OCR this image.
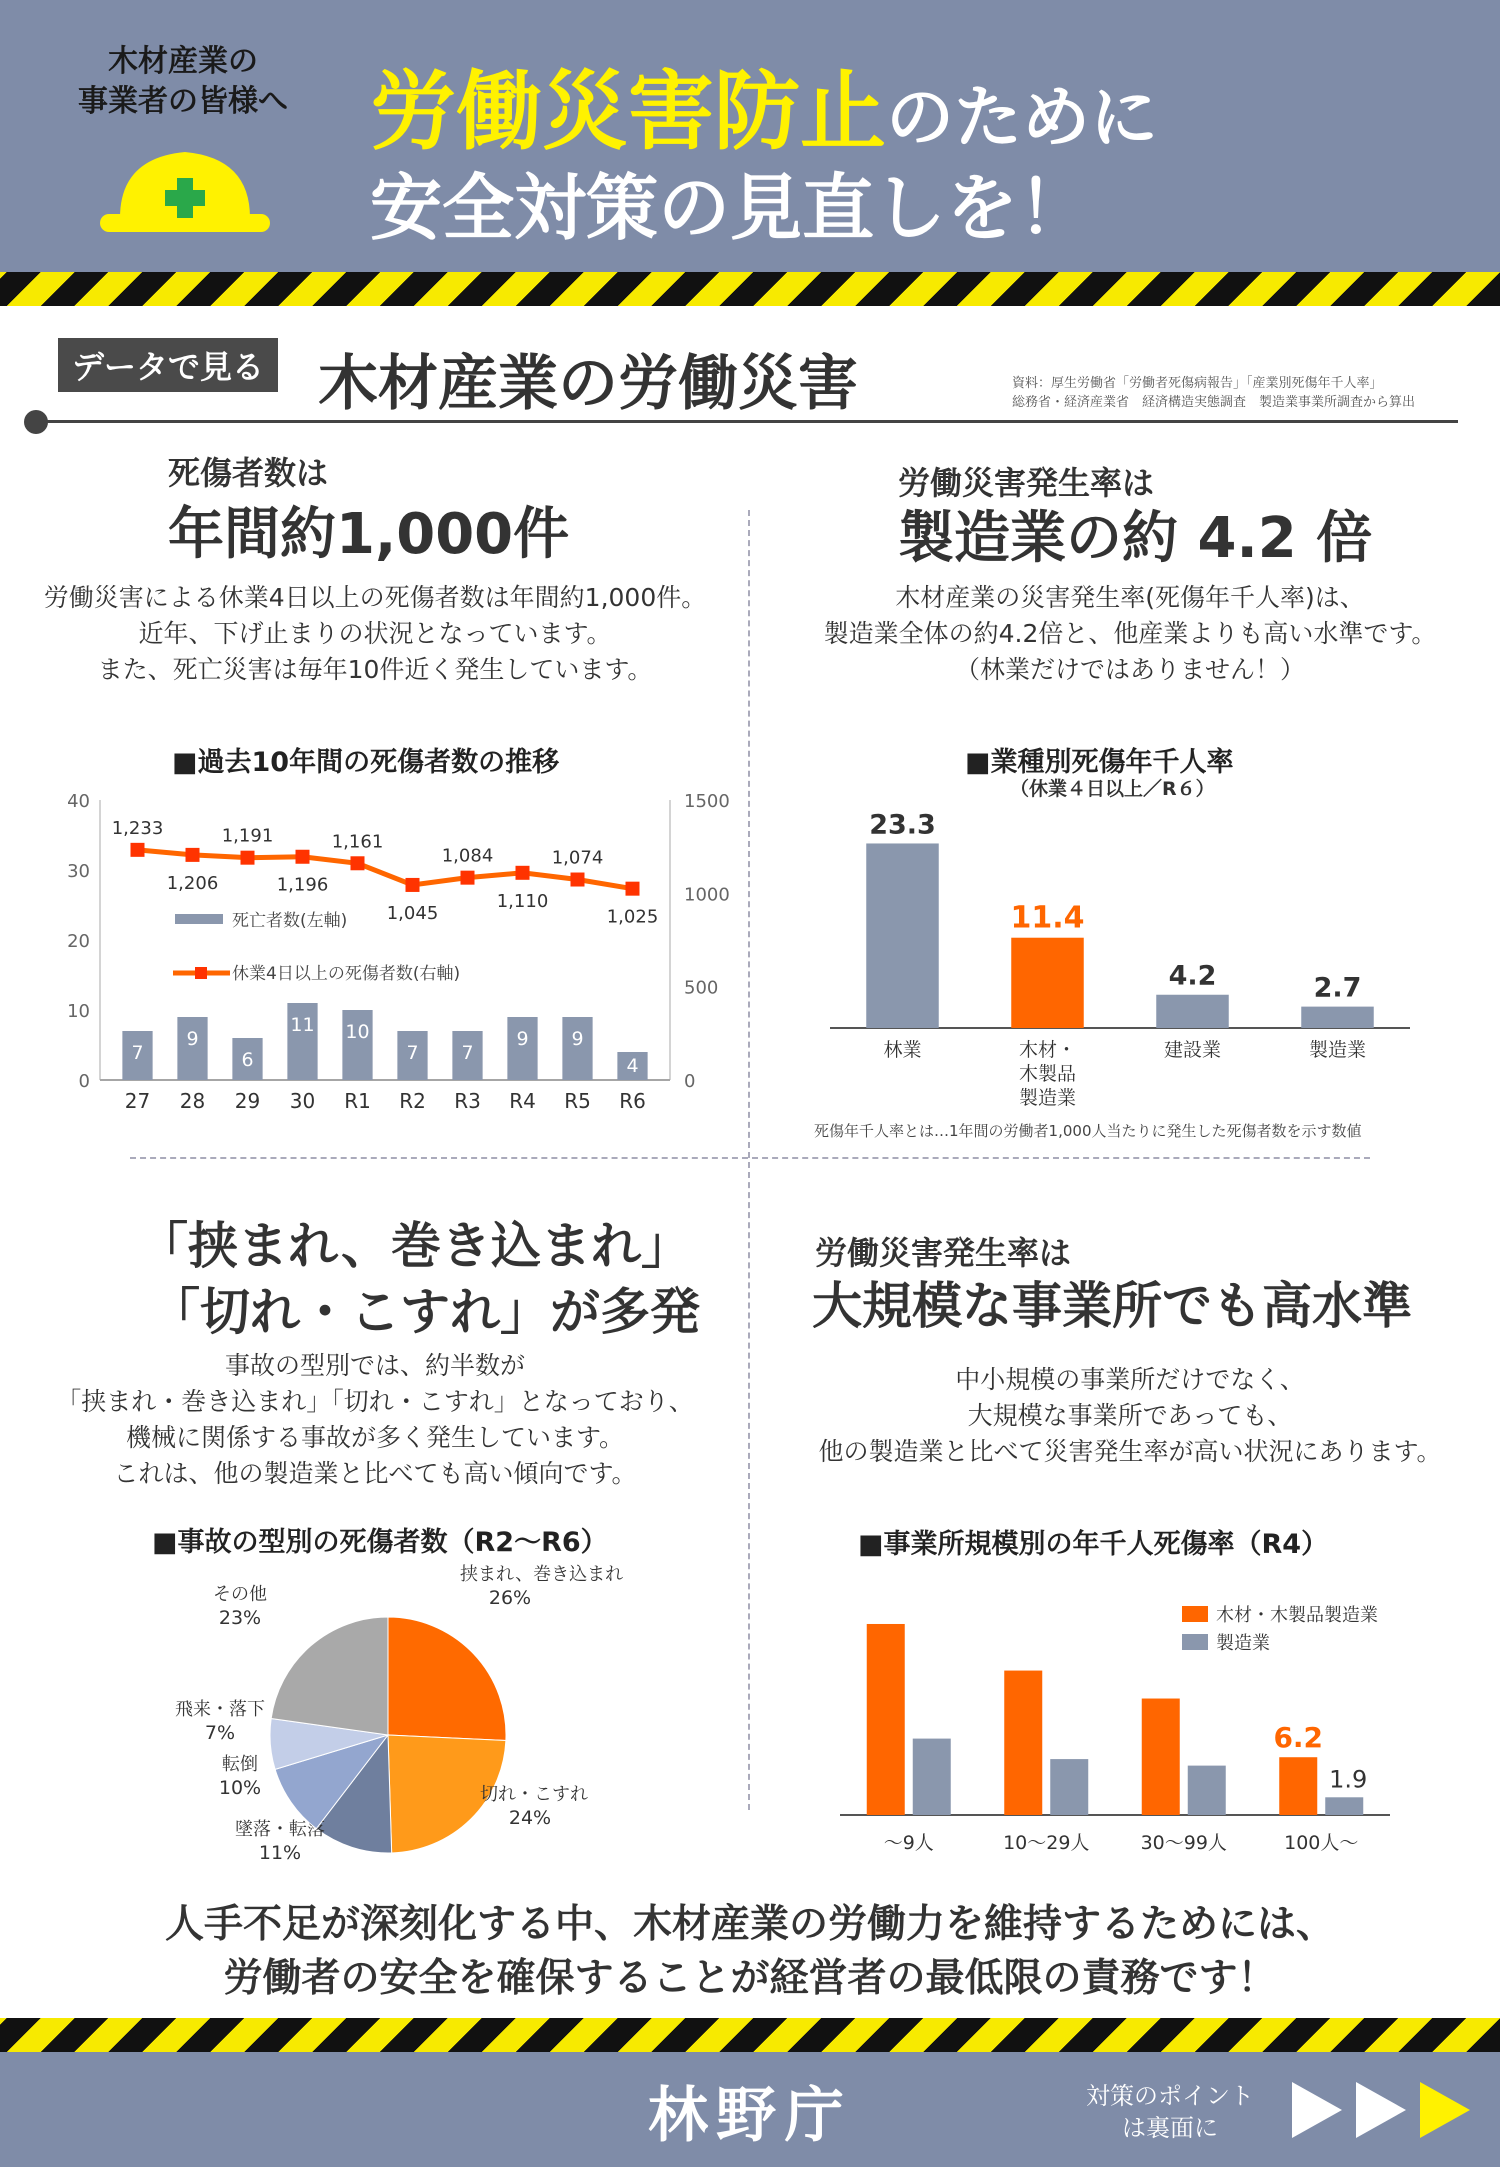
木材産業の
事業者の皆様へ 労働災害防止のために
安全対策の見直しを！
データで見る 木材産業の労働災害	資料：厚生労働省「労働者死傷病報告」「産業別死傷年千人率」
総務省・経済産業省　経済構造実態調査　製造業事業所調査から算出
死傷者数は
年間約1,000件
労働災害による休業4日以上の死傷者数は年間約1,000件。
近年、下げ止まりの状況となっています。
また、死亡災害は毎年10件近く発生しています。
■過去10年間の死傷者数の推移
0
10
20
30
40
0
500
1000
1500
7
27
9
28
6
29
11
30
10
R1
7
R2
7
R3
9
R4
9
R5
4
R6
1,233
1,206
1,191
1,196
1,161
1,045
1,084
1,110
1,074
1,025
死亡者数(左軸)
休業4日以上の死傷者数(右軸)
労働災害発生率は
製造業の約 4.2 倍
木材産業の災害発生率(死傷年千人率)は、
製造業全体の約4.2倍と、他産業よりも高い水準です。
（林業だけではありません！）
■業種別死傷年千人率
（休業４日以上／R６）
23.3
林業
11.4
木材・
木製品
製造業
4.2
建設業
2.7
製造業
死傷年千人率とは…1年間の労働者1,000人当たりに発生した死傷者数を示す数値
「挟まれ、巻き込まれ」
「切れ・こすれ」が多発
事故の型別では、約半数が
「挟まれ・巻き込まれ」「切れ・こすれ」となっており、
機械に関係する事故が多く発生しています。
これは、他の製造業と比べても高い傾向です。
■事故の型別の死傷者数（R2～R6）
挟まれ、巻き込まれ
26%
切れ・こすれ
24%
墜落・転落
11%
転倒
10%
飛来・落下
7%
その他
23%
労働災害発生率は
大規模な事業所でも高水準
中小規模の事業所だけでなく、
大規模な事業所であっても、
他の製造業と比べて災害発生率が高い状況にあります。
■事業所規模別の年千人死傷率（R4）
～9人	10～29人	30～99人
6.2
1.9
100人～
木材・木製品製造業
製造業
人手不足が深刻化する中、木材産業の労働力を維持するためには、
労働者の安全を確保することが経営者の最低限の責務です！
林野庁	対策のポイント
は裏面に
